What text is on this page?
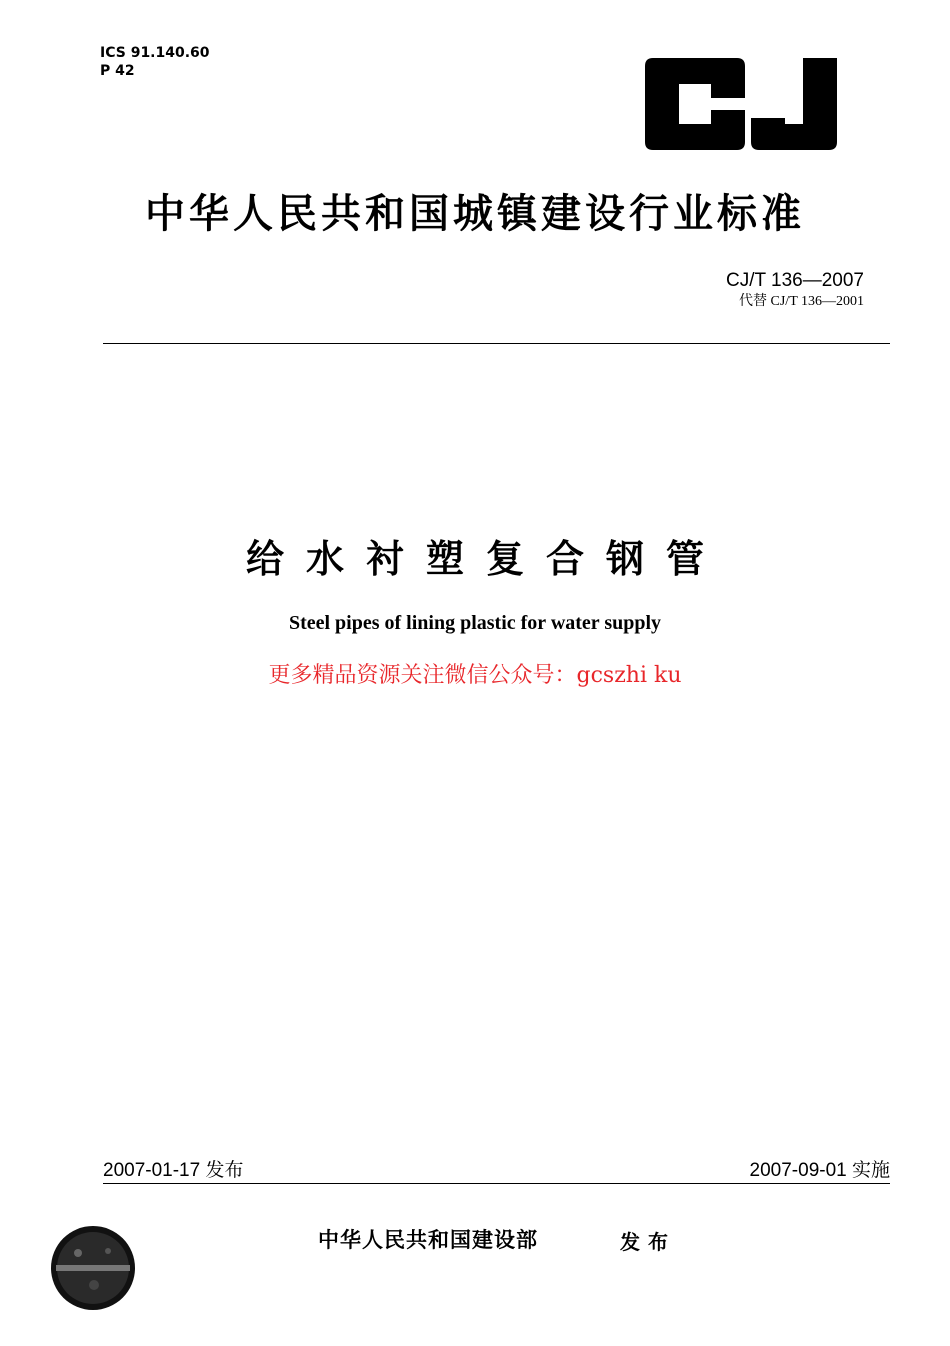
ICS 91.140.60
P 42
中华人民共和国城镇建设行业标准
CJ/T 136—2007
代替 CJ/T 136—2001
给水衬塑复合钢管
Steel pipes of lining plastic for water supply
更多精品资源关注微信公众号：gcszhi ku
2007-01-17 发布	2007-09-01 实施
中华人民共和国建设部	发布
